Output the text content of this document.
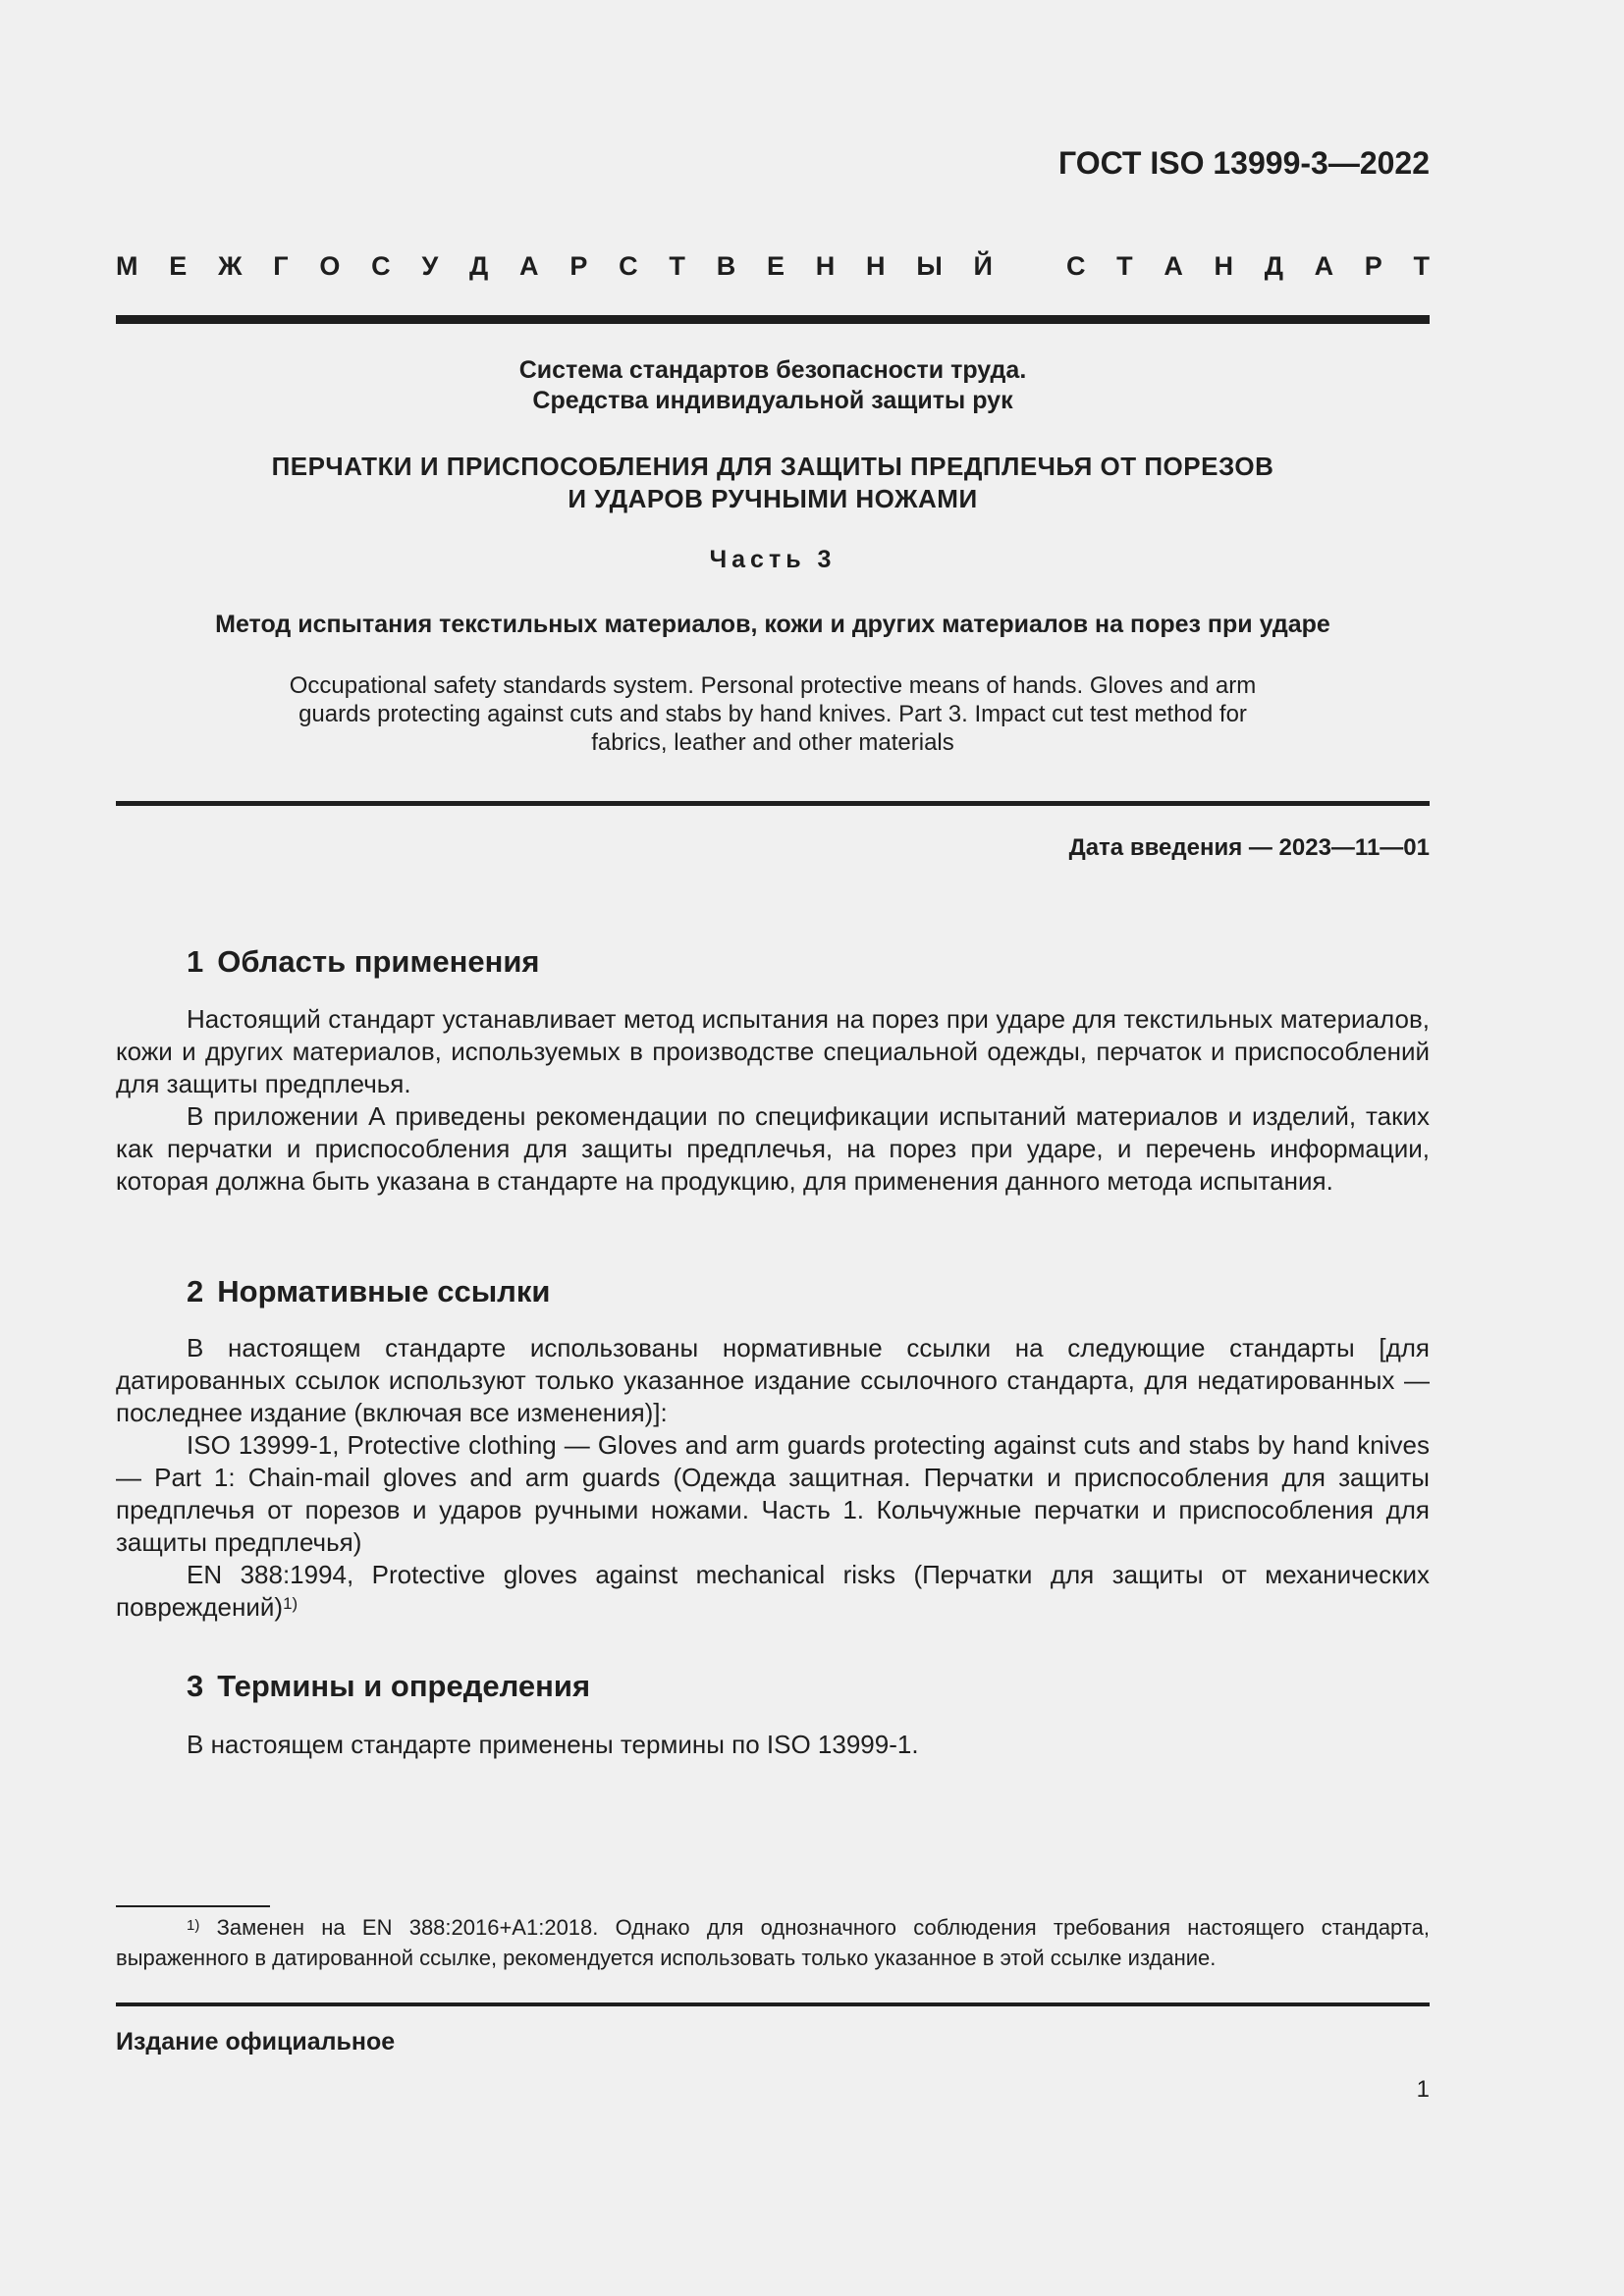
ГОСТ ISO 13999-3—2022
М Е Ж Г О С У Д А Р С Т В Е Н Н Ы Й	С Т А Н Д А Р Т
Система стандартов безопасности труда.
Средства индивидуальной защиты рук
ПЕРЧАТКИ И ПРИСПОСОБЛЕНИЯ ДЛЯ ЗАЩИТЫ ПРЕДПЛЕЧЬЯ ОТ ПОРЕЗОВ
И УДАРОВ РУЧНЫМИ НОЖАМИ
Часть 3
Метод испытания текстильных материалов, кожи и других материалов на порез при ударе
Occupational safety standards system. Personal protective means of hands. Gloves and arm guards protecting against cuts and stabs by hand knives. Part 3. Impact cut test method for fabrics, leather and other materials
Дата введения — 2023—11—01
1 Область применения

Настоящий стандарт устанавливает метод испытания на порез при ударе для текстильных материалов, кожи и других материалов, используемых в производстве специальной одежды, перчаток и приспособлений для защиты предплечья.

В приложении А приведены рекомендации по спецификации испытаний материалов и изделий, таких как перчатки и приспособления для защиты предплечья, на порез при ударе, и перечень информации, которая должна быть указана в стандарте на продукцию, для применения данного метода испытания.

2 Нормативные ссылки

В настоящем стандарте использованы нормативные ссылки на следующие стандарты [для датированных ссылок используют только указанное издание ссылочного стандарта, для недатированных — последнее издание (включая все изменения)]:

ISO 13999-1, Protective clothing — Gloves and arm guards protecting against cuts and stabs by hand knives — Part 1: Chain-mail gloves and arm guards (Одежда защитная. Перчатки и приспособления для защиты предплечья от порезов и ударов ручными ножами. Часть 1. Кольчужные перчатки и приспособления для защиты предплечья)

EN 388:1994, Protective gloves against mechanical risks (Перчатки для защиты от механических повреждений)$^{1)}$

3 Термины и определения

В настоящем стандарте применены термины по ISO 13999-1.

$^{1)}$ Заменен на EN 388:2016+A1:2018. Однако для однозначного соблюдения требования настоящего стандарта, выраженного в датированной ссылке, рекомендуется использовать только указанное в этой ссылке издание.

Издание официальное
1
